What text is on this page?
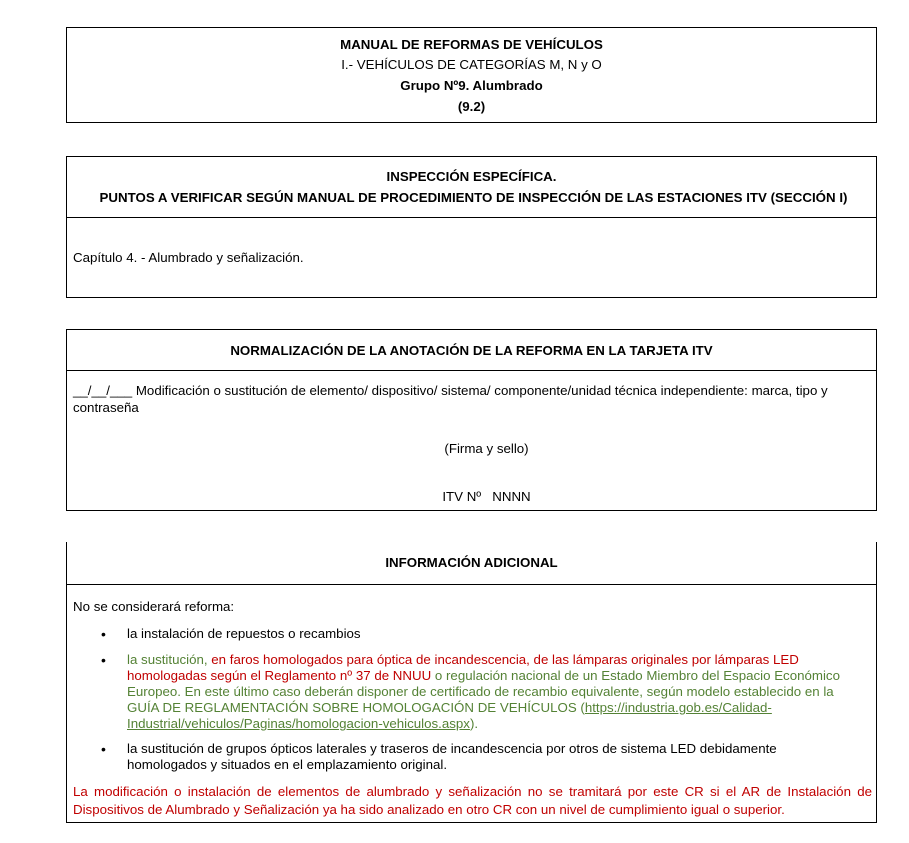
MANUAL DE REFORMAS DE VEHÍCULOS
I.- VEHÍCULOS DE CATEGORÍAS M, N y O
Grupo Nº9. Alumbrado
(9.2)
INSPECCIÓN ESPECÍFICA.
PUNTOS A VERIFICAR SEGÚN MANUAL DE PROCEDIMIENTO DE INSPECCIÓN DE LAS ESTACIONES ITV (SECCIÓN I)
Capítulo 4. - Alumbrado y señalización.
NORMALIZACIÓN DE LA ANOTACIÓN DE LA REFORMA EN LA TARJETA ITV
__/__/___ Modificación o sustitución de elemento/ dispositivo/ sistema/ componente/unidad técnica independiente: marca, tipo y contraseña
(Firma y sello)
ITV Nº   NNNN
INFORMACIÓN ADICIONAL
No se considerará reforma:
• la instalación de repuestos o recambios
• la sustitución, en faros homologados para óptica de incandescencia, de las lámparas originales por lámparas LED homologadas según el Reglamento nº 37 de NNUU o regulación nacional de un Estado Miembro del Espacio Económico Europeo. En este último caso deberán disponer de certificado de recambio equivalente, según modelo establecido en la GUÍA DE REGLAMENTACIÓN SOBRE HOMOLOGACIÓN DE VEHÍCULOS (https://industria.gob.es/Calidad-Industrial/vehiculos/Paginas/homologacion-vehiculos.aspx).
• la sustitución de grupos ópticos laterales y traseros de incandescencia por otros de sistema LED debidamente homologados y situados en el emplazamiento original.
La modificación o instalación de elementos de alumbrado y señalización no se tramitará por este CR si el AR de Instalación de Dispositivos de Alumbrado y Señalización ya ha sido analizado en otro CR con un nivel de cumplimiento igual o superior.
